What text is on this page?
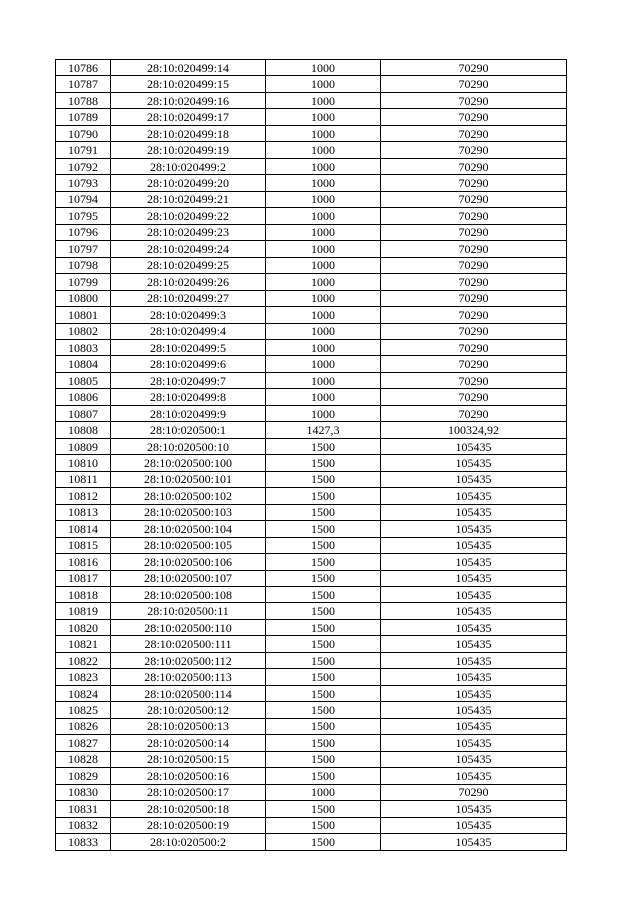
10786	28:10:020499:14	1000	70290
10787	28:10:020499:15	1000	70290
10788	28:10:020499:16	1000	70290
10789	28:10:020499:17	1000	70290
10790	28:10:020499:18	1000	70290
10791	28:10:020499:19	1000	70290
10792	28:10:020499:2	1000	70290
10793	28:10:020499:20	1000	70290
10794	28:10:020499:21	1000	70290
10795	28:10:020499:22	1000	70290
10796	28:10:020499:23	1000	70290
10797	28:10:020499:24	1000	70290
10798	28:10:020499:25	1000	70290
10799	28:10:020499:26	1000	70290
10800	28:10:020499:27	1000	70290
10801	28:10:020499:3	1000	70290
10802	28:10:020499:4	1000	70290
10803	28:10:020499:5	1000	70290
10804	28:10:020499:6	1000	70290
10805	28:10:020499:7	1000	70290
10806	28:10:020499:8	1000	70290
10807	28:10:020499:9	1000	70290
10808	28:10:020500:1	1427,3	100324,92
10809	28:10:020500:10	1500	105435
10810	28:10:020500:100	1500	105435
10811	28:10:020500:101	1500	105435
10812	28:10:020500:102	1500	105435
10813	28:10:020500:103	1500	105435
10814	28:10:020500:104	1500	105435
10815	28:10:020500:105	1500	105435
10816	28:10:020500:106	1500	105435
10817	28:10:020500:107	1500	105435
10818	28:10:020500:108	1500	105435
10819	28:10:020500:11	1500	105435
10820	28:10:020500:110	1500	105435
10821	28:10:020500:111	1500	105435
10822	28:10:020500:112	1500	105435
10823	28:10:020500:113	1500	105435
10824	28:10:020500:114	1500	105435
10825	28:10:020500:12	1500	105435
10826	28:10:020500:13	1500	105435
10827	28:10:020500:14	1500	105435
10828	28:10:020500:15	1500	105435
10829	28:10:020500:16	1500	105435
10830	28:10:020500:17	1000	70290
10831	28:10:020500:18	1500	105435
10832	28:10:020500:19	1500	105435
10833	28:10:020500:2	1500	105435
